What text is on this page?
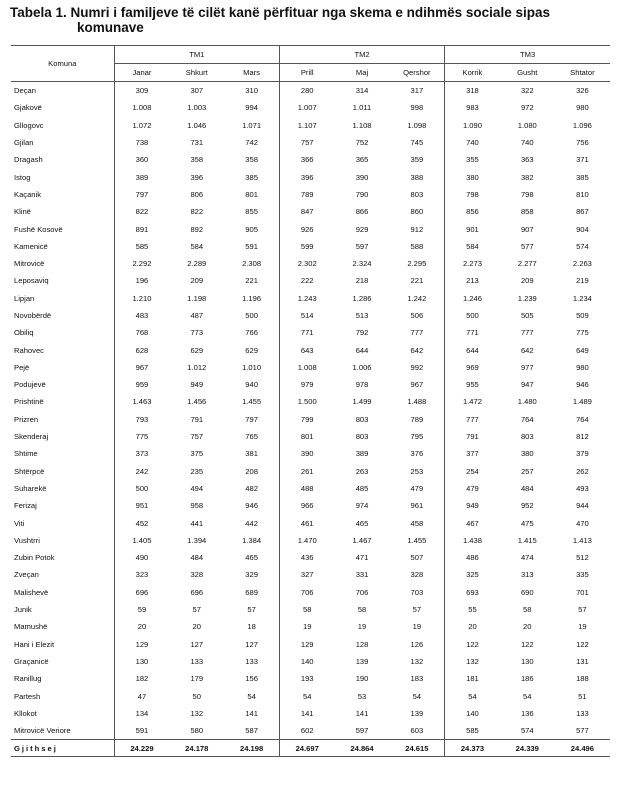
Tabela 1. Numri i familjeve të cilët kanë përfituar nga skema e ndihmës sociale sipas
komunave
Komuna	TM1			TM2			TM3		
	Janar	Shkurt	Mars	Prill	Maj	Qershor	Korrik	Gusht	Shtator
Deçan	309	307	310	280	314	317	318	322	326
Gjakovë	1.008	1.003	994	1.007	1.011	998	983	972	980
Gllogovc	1.072	1.046	1.071	1.107	1.108	1.098	1.090	1.080	1.096
Gjilan	738	731	742	757	752	745	740	740	756
Dragash	360	358	358	366	365	359	355	363	371
Istog	389	396	385	396	390	388	380	382	385
Kaçanik	797	806	801	789	790	803	798	798	810
Klinë	822	822	855	847	866	860	856	858	867
Fushë Kosovë	891	892	905	926	929	912	901	907	904
Kamenicë	585	584	591	599	597	588	584	577	574
Mitrovicë	2.292	2.289	2.308	2.302	2.324	2.295	2.273	2.277	2.263
Leposaviq	196	209	221	222	218	221	213	209	219
Lipjan	1.210	1.198	1.196	1.243	1.286	1.242	1.246	1.239	1.234
Novobërdë	483	487	500	514	513	506	500	505	509
Obiliq	768	773	766	771	792	777	771	777	775
Rahovec	628	629	629	643	644	642	644	642	649
Pejë	967	1.012	1.010	1.008	1.006	992	969	977	980
Podujevë	959	949	940	979	978	967	955	947	946
Prishtinë	1.463	1.456	1.455	1.500	1.499	1.488	1.472	1.480	1.489
Prizren	793	791	797	799	803	789	777	764	764
Skenderaj	775	757	765	801	803	795	791	803	812
Shtime	373	375	381	390	389	376	377	380	379
Shtërpcë	242	235	208	261	263	253	254	257	262
Suharekë	500	494	482	488	485	479	479	484	493
Ferizaj	951	958	946	966	974	961	949	952	944
Viti	452	441	442	461	465	458	467	475	470
Vushtrri	1.405	1.394	1.384	1.470	1.467	1.455	1.438	1.415	1.413
Zubin Potok	490	484	465	436	471	507	486	474	512
Zveçan	323	328	329	327	331	328	325	313	335
Malishevë	696	696	689	706	706	703	693	690	701
Junik	59	57	57	58	58	57	55	58	57
Mamushë	20	20	18	19	19	19	20	20	19
Hani i Elezit	129	127	127	129	128	126	122	122	122
Graçanicë	130	133	133	140	139	132	132	130	131
Ranillug	182	179	156	193	190	183	181	186	188
Partesh	47	50	54	54	53	54	54	54	51
Kllokot	134	132	141	141	141	139	140	136	133
Mitrovicë Veriore	591	580	587	602	597	603	585	574	577
Gjithsej	24.229	24.178	24.198	24.697	24.864	24.615	24.373	24.339	24.496
